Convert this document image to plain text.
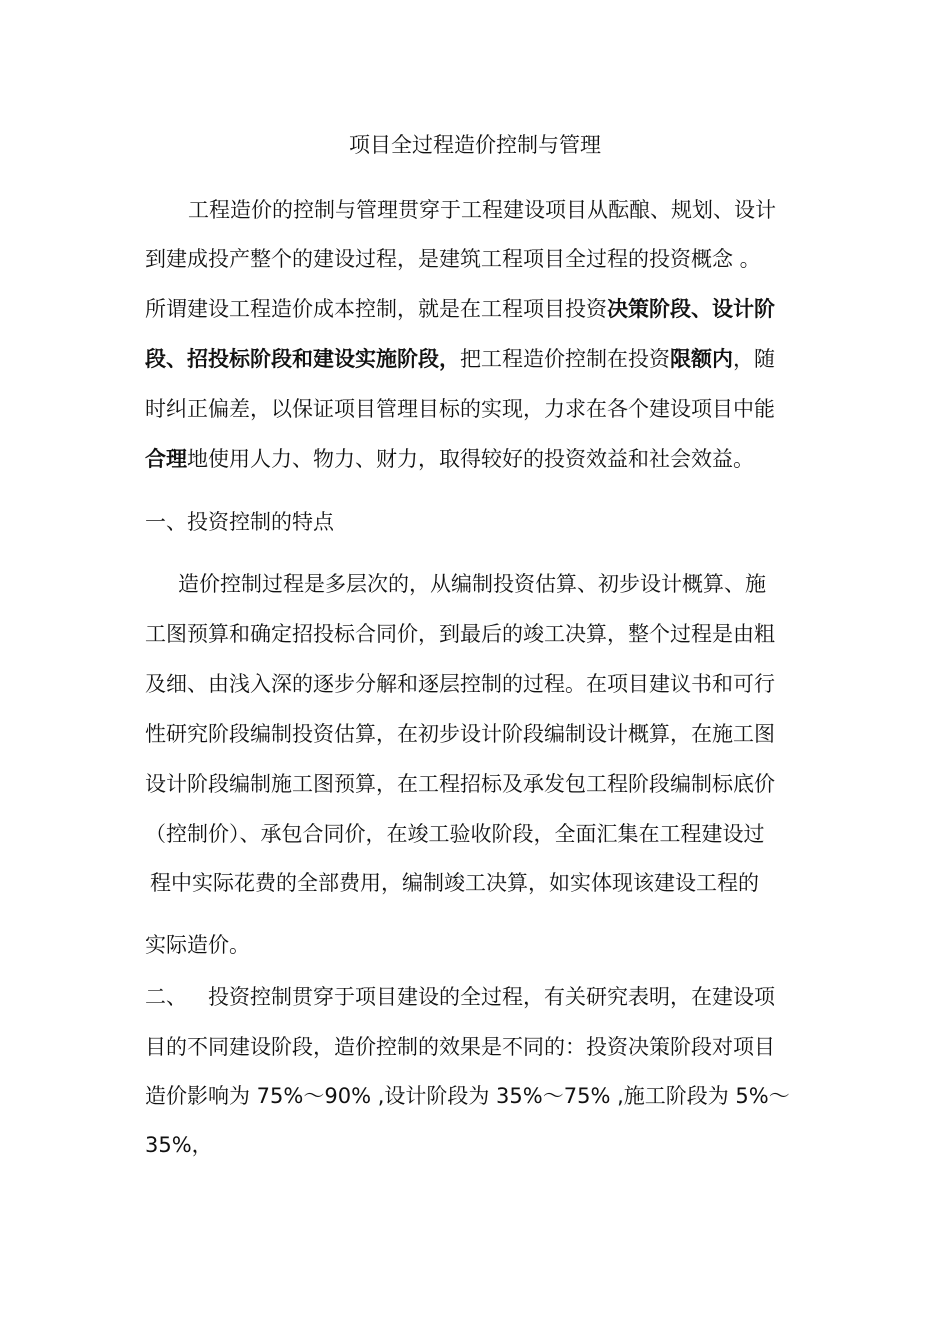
项目全过程造价控制与管理
工程造价的控制与管理贯穿于工程建设项目从酝酿、规划、设计
到建成投产整个的建设过程，是建筑工程项目全过程的投资概念 。
所谓建设工程造价成本控制，就是在工程项目投资决策阶段、设计阶
段、招投标阶段和建设实施阶段，把工程造价控制在投资限额内，随
时纠正偏差，以保证项目管理目标的实现，力求在各个建设项目中能
合理地使用人力、物力、财力，取得较好的投资效益和社会效益。
一、投资控制的特点
造价控制过程是多层次的，从编制投资估算、初步设计概算、施
工图预算和确定招投标合同价，到最后的竣工决算，整个过程是由粗
及细、由浅入深的逐步分解和逐层控制的过程。在项目建议书和可行
性研究阶段编制投资估算，在初步设计阶段编制设计概算，在施工图
设计阶段编制施工图预算，在工程招标及承发包工程阶段编制标底价
（控制价）、承包合同价，在竣工验收阶段，全面汇集在工程建设过
程中实际花费的全部费用，编制竣工决算，如实体现该建设工程的
实际造价。
二、 投资控制贯穿于项目建设的全过程，有关研究表明，在建设项
目的不同建设阶段，造价控制的效果是不同的：投资决策阶段对项目
造价影响为 75%～90% ,设计阶段为 35%～75% ,施工阶段为 5%～
35%，
